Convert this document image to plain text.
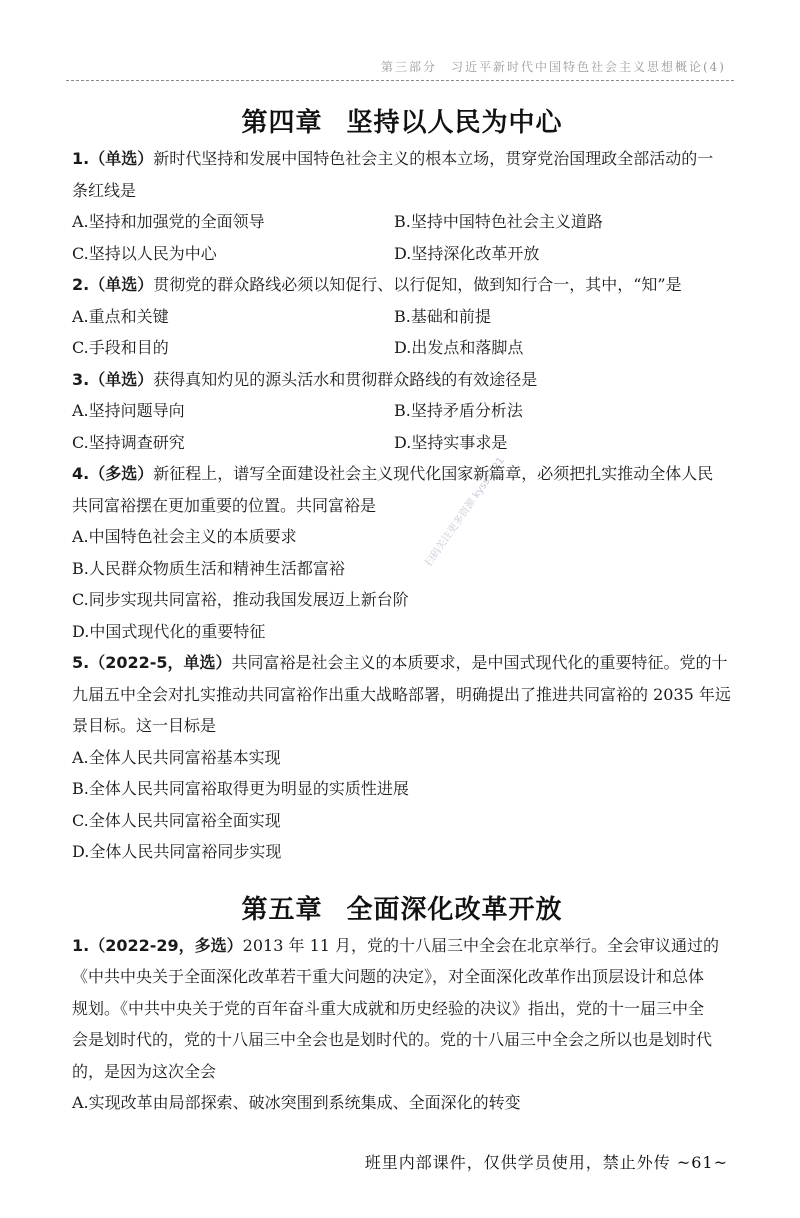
第三部分　习近平新时代中国特色社会主义思想概论(4)
扫码关注更多资源 kyss5121
第四章 坚持以人民为中心

1.（单选）新时代坚持和发展中国特色社会主义的根本立场，贯穿党治国理政全部活动的一

条红线是

A.坚持和加强党的全面领导	B.坚持中国特色社会主义道路
C.坚持以人民为中心	D.坚持深化改革开放

2.（单选）贯彻党的群众路线必须以知促行、以行促知，做到知行合一，其中，“知”是

A.重点和关键	B.基础和前提
C.手段和目的	D.出发点和落脚点

3.（单选）获得真知灼见的源头活水和贯彻群众路线的有效途径是

A.坚持问题导向	B.坚持矛盾分析法
C.坚持调查研究	D.坚持实事求是

4.（多选）新征程上，谱写全面建设社会主义现代化国家新篇章，必须把扎实推动全体人民

共同富裕摆在更加重要的位置。共同富裕是

A.中国特色社会主义的本质要求
B.人民群众物质生活和精神生活都富裕
C.同步实现共同富裕，推动我国发展迈上新台阶
D.中国式现代化的重要特征

5.（2022-5，单选）共同富裕是社会主义的本质要求，是中国式现代化的重要特征。党的十

九届五中全会对扎实推动共同富裕作出重大战略部署，明确提出了推进共同富裕的 2035 年远

景目标。这一目标是

A.全体人民共同富裕基本实现
B.全体人民共同富裕取得更为明显的实质性进展
C.全体人民共同富裕全面实现
D.全体人民共同富裕同步实现
第五章 全面深化改革开放

1.（2022-29，多选）2013 年 11 月，党的十八届三中全会在北京举行。全会审议通过的

《中共中央关于全面深化改革若干重大问题的决定》，对全面深化改革作出顶层设计和总体

规划。《中共中央关于党的百年奋斗重大成就和历史经验的决议》指出，党的十一届三中全

会是划时代的，党的十八届三中全会也是划时代的。党的十八届三中全会之所以也是划时代

的，是因为这次全会

A.实现改革由局部探索、破冰突围到系统集成、全面深化的转变
班里内部课件，仅供学员使用，禁止外传 ~61~
